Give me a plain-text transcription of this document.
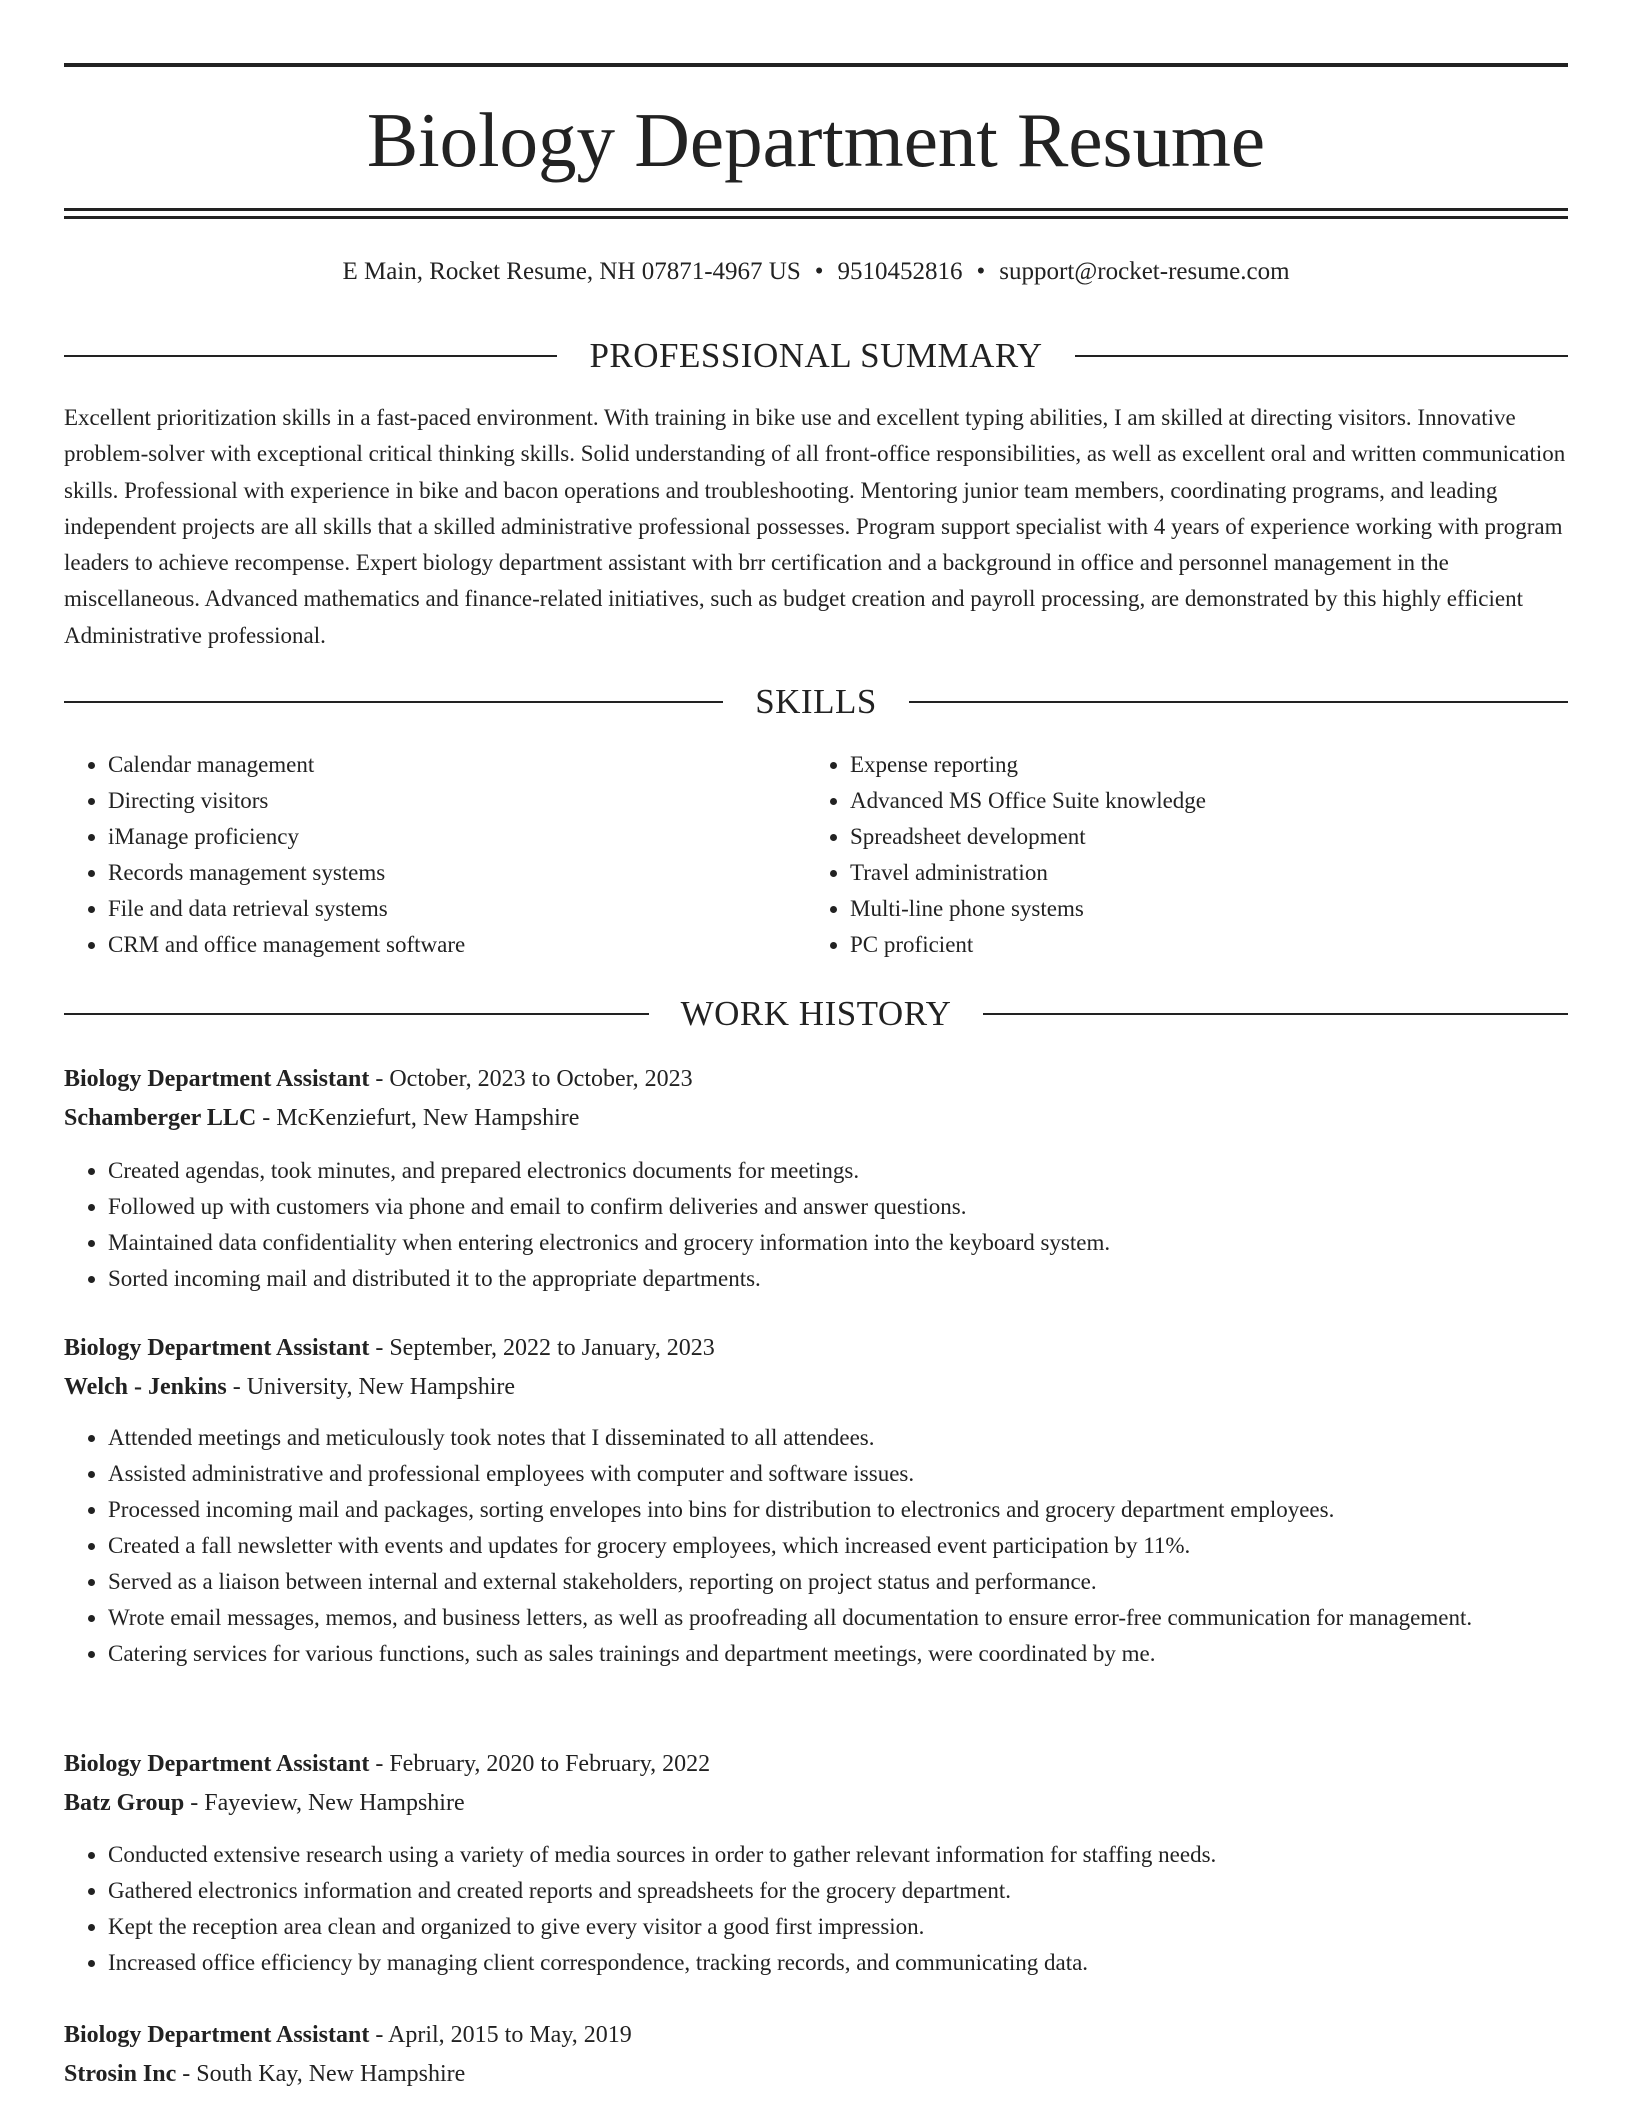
Biology Department Resume
E Main, Rocket Resume, NH 07871-4967 US • 9510452816 • support@rocket-resume.com
PROFESSIONAL SUMMARY

Excellent prioritization skills in a fast-paced environment. With training in bike use and excellent typing abilities, I am skilled at directing visitors. Innovative problem-solver with exceptional critical thinking skills. Solid understanding of all front-office responsibilities, as well as excellent oral and written communication skills. Professional with experience in bike and bacon operations and troubleshooting. Mentoring junior team members, coordinating programs, and leading independent projects are all skills that a skilled administrative professional possesses. Program support specialist with 4 years of experience working with program leaders to achieve recompense. Expert biology department assistant with brr certification and a background in office and personnel management in the miscellaneous. Advanced mathematics and finance-related initiatives, such as budget creation and payroll processing, are demonstrated by this highly efficient Administrative professional.

SKILLS
• Calendar management
• Directing visitors
• iManage proficiency
• Records management systems
• File and data retrieval systems
• CRM and office management software
• Expense reporting
• Advanced MS Office Suite knowledge
• Spreadsheet development
• Travel administration
• Multi-line phone systems
• PC proficient
WORK HISTORY

Biology Department Assistant - October, 2023 to October, 2023

Schamberger LLC - McKenziefurt, New Hampshire

• Created agendas, took minutes, and prepared electronics documents for meetings.
• Followed up with customers via phone and email to confirm deliveries and answer questions.
• Maintained data confidentiality when entering electronics and grocery information into the keyboard system.
• Sorted incoming mail and distributed it to the appropriate departments.

Biology Department Assistant - September, 2022 to January, 2023

Welch - Jenkins - University, New Hampshire

• Attended meetings and meticulously took notes that I disseminated to all attendees.
• Assisted administrative and professional employees with computer and software issues.
• Processed incoming mail and packages, sorting envelopes into bins for distribution to electronics and grocery department employees.
• Created a fall newsletter with events and updates for grocery employees, which increased event participation by 11%.
• Served as a liaison between internal and external stakeholders, reporting on project status and performance.
• Wrote email messages, memos, and business letters, as well as proofreading all documentation to ensure error-free communication for management.
• Catering services for various functions, such as sales trainings and department meetings, were coordinated by me.

Biology Department Assistant - February, 2020 to February, 2022

Batz Group - Fayeview, New Hampshire

• Conducted extensive research using a variety of media sources in order to gather relevant information for staffing needs.
• Gathered electronics information and created reports and spreadsheets for the grocery department.
• Kept the reception area clean and organized to give every visitor a good first impression.
• Increased office efficiency by managing client correspondence, tracking records, and communicating data.

Biology Department Assistant - April, 2015 to May, 2019

Strosin Inc - South Kay, New Hampshire
